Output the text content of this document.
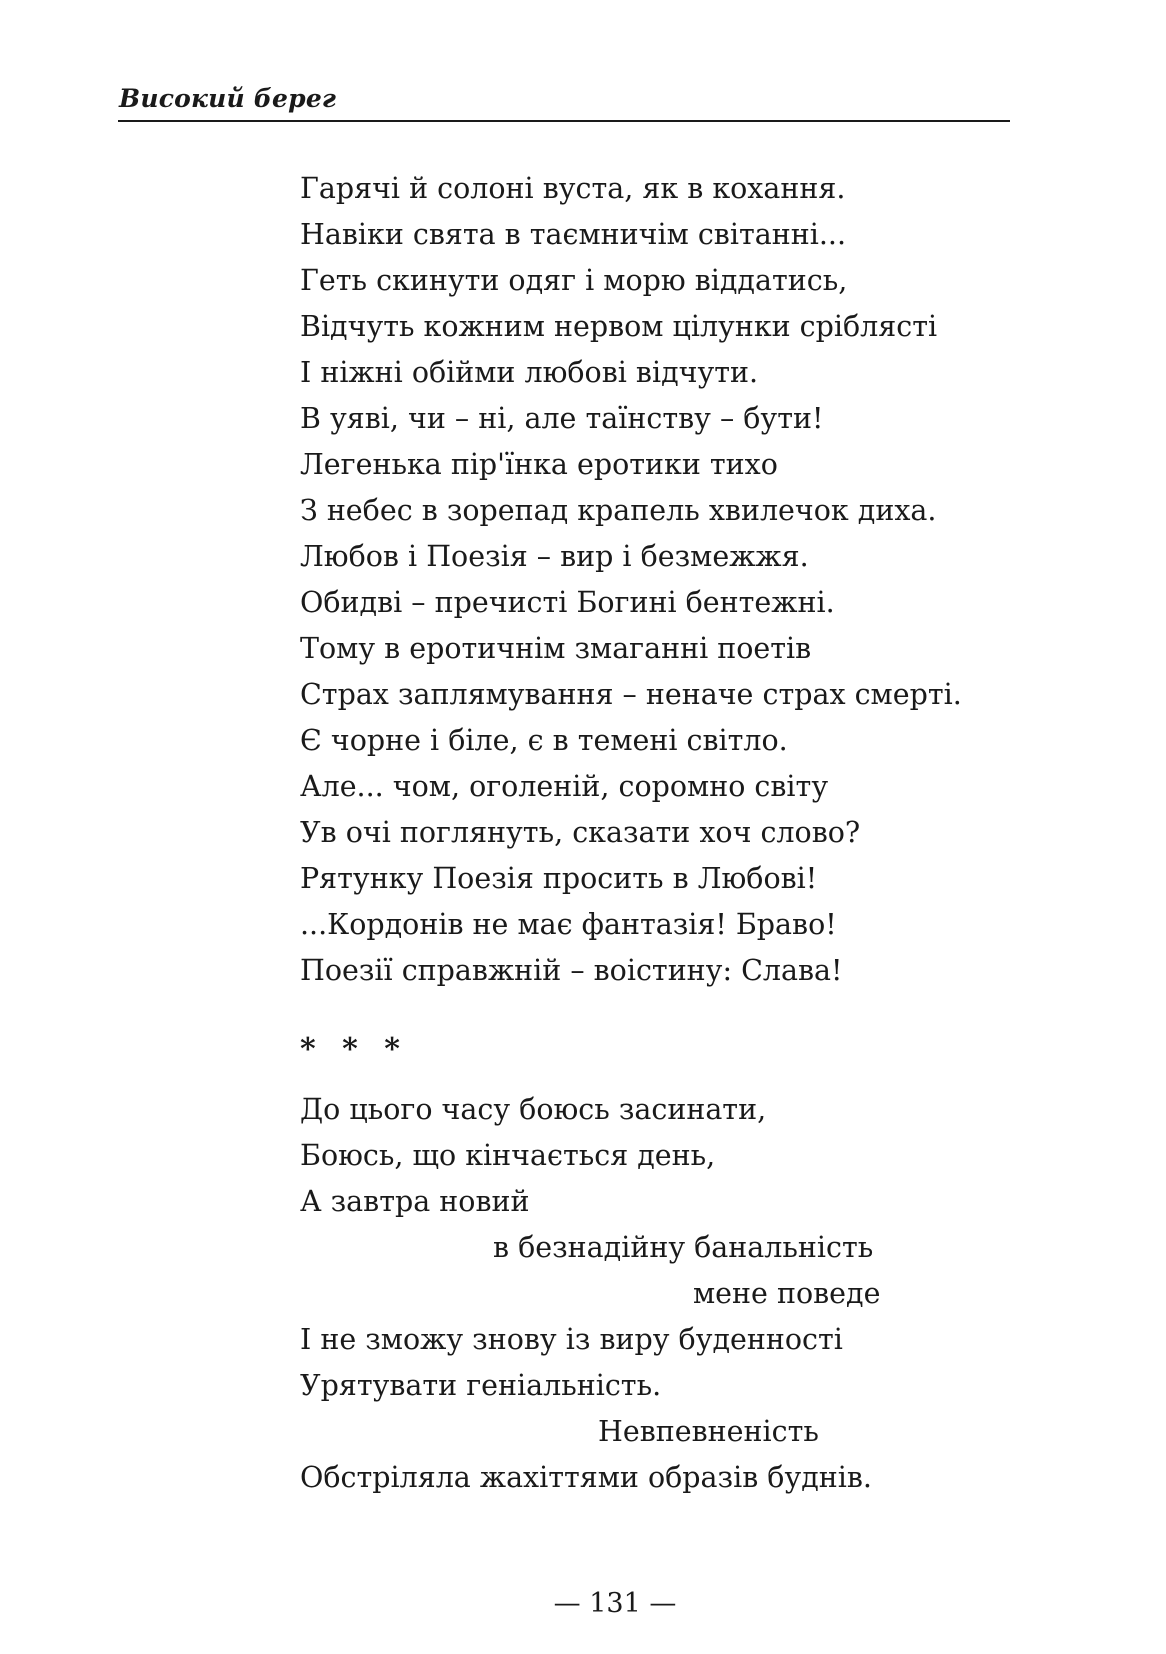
Високий берег
Гарячі й солоні вуста, як в кохання.
Навіки свята в таємничім світанні...
Геть скинути одяг і морю віддатись,
Відчуть кожним нервом цілунки сріблясті
І ніжні обійми любові відчути.
В уяві, чи – ні, але таїнству – бути!
Легенька пір'їнка еротики тихо
З небес в зорепад крапель хвилечок диха.
Любов і Поезія – вир і безмежжя.
Обидві – пречисті Богині бентежні.
Тому в еротичнім змаганні поетів
Страх заплямування – неначе страх смерті.
Є чорне і біле, є в темені світло.
Але... чом, оголеній, соромно світу
Ув очі поглянуть, сказати хоч слово?
Рятунку Поезія просить в Любові!
...Кордонів не має фантазія! Браво!
Поезії справжній – воістину: Слава!
* * *
До цього часу боюсь засинати,
Боюсь, що кінчається день,
А завтра новий
в безнадійну банальність
мене поведе
І не зможу знову із виру буденності
Урятувати геніальність.
Невпевненість
Обстріляла жахіттями образів буднів.
— 131 —
